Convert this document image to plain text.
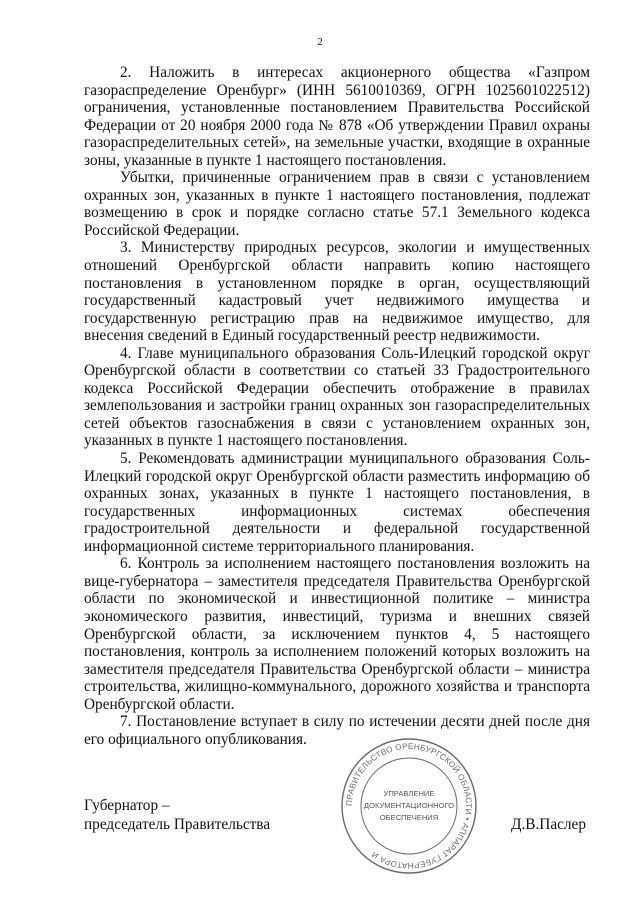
2

2. Наложить в интересах акционерного общества «Газпром газораспределение Оренбург» (ИНН 5610010369, ОГРН 1025601022512) ограничения, установленные постановлением Правительства Российской Федерации от 20 ноября 2000 года № 878 «Об утверждении Правил охраны газораспределительных сетей», на земельные участки, входящие в охранные зоны, указанные в пункте 1 настоящего постановления.

Убытки, причиненные ограничением прав в связи с установлением охранных зон, указанных в пункте 1 настоящего постановления, подлежат возмещению в срок и порядке согласно статье 57.1 Земельного кодекса Российской Федерации.

3. Министерству природных ресурсов, экологии и имущественных отношений Оренбургской области направить копию настоящего постановления в установленном порядке в орган, осуществляющий государственный кадастровый учет недвижимого имущества и государственную регистрацию прав на недвижимое имущество, для внесения сведений в Единый государственный реестр недвижимости.

4. Главе муниципального образования Соль-Илецкий городской округ Оренбургской области в соответствии со статьей 33 Градостроительного кодекса Российской Федерации обеспечить отображение в правилах землепользования и застройки границ охранных зон газораспределительных сетей объектов газоснабжения в связи с установлением охранных зон, указанных в пункте 1 настоящего постановления.

5. Рекомендовать администрации муниципального образования Соль-Илецкий городской округ Оренбургской области разместить информацию об охранных зонах, указанных в пункте 1 настоящего постановления, в государственных информационных системах обеспечения градостроительной деятельности и федеральной государственной информационной системе территориального планирования.

6. Контроль за исполнением настоящего постановления возложить на вице-губернатора – заместителя председателя Правительства Оренбургской области по экономической и инвестиционной политике – министра экономического развития, инвестиций, туризма и внешних связей Оренбургской области, за исключением пунктов 4, 5 настоящего постановления, контроль за исполнением положений которых возложить на заместителя председателя Правительства Оренбургской области – министра строительства, жилищно-коммунального, дорожного хозяйства и транспорта Оренбургской области.

7. Постановление вступает в силу по истечении десяти дней после дня его официального опубликования.

Губернатор –
председатель Правительства	Д.В.Паслер
ПРАВИТЕЛЬСТВО ОРЕНБУРГСКОЙ ОБЛАСТИ • АППАРАТ ГУБЕРНАТОРА И
УПРАВЛЕНИЕ
ДОКУМЕНТАЦИОННОГО
ОБЕСПЕЧЕНИЯ
